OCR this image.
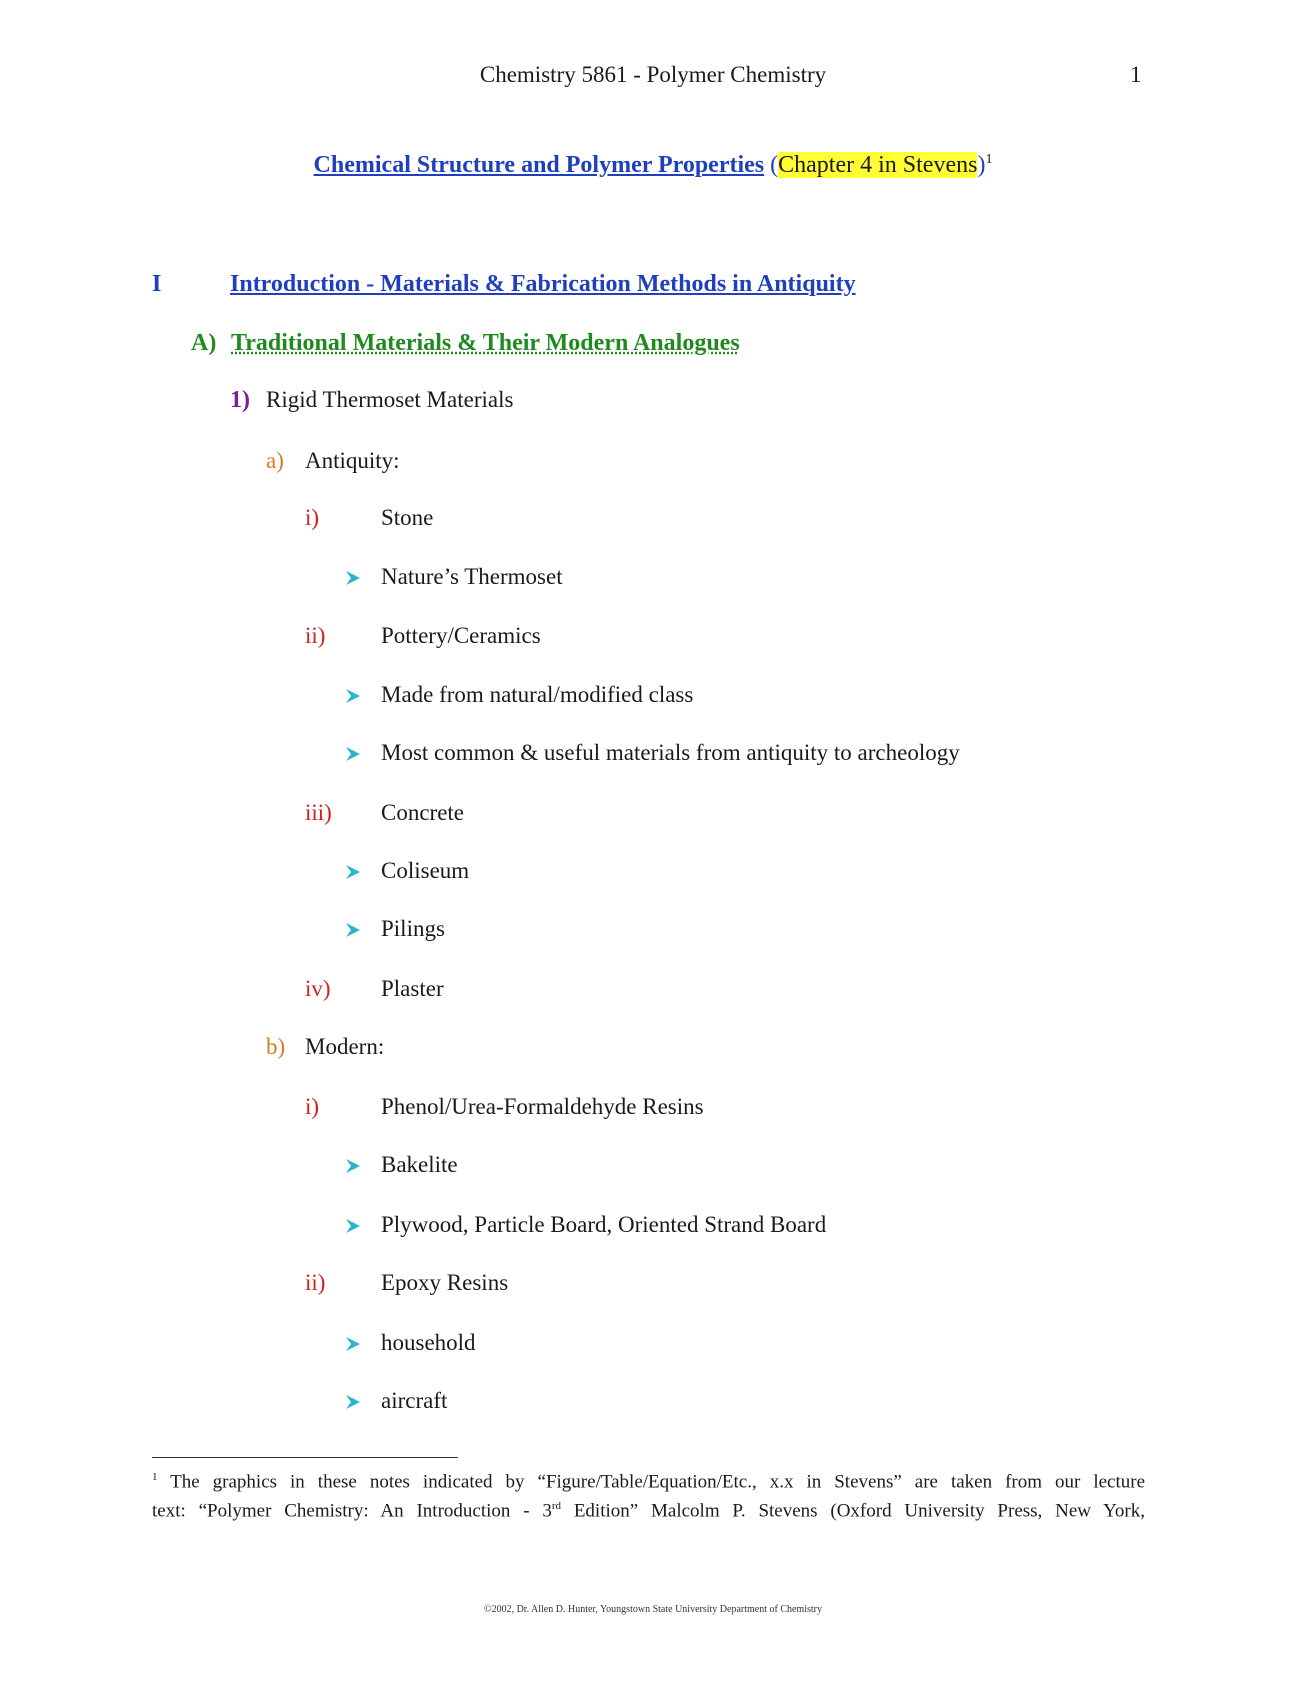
Chemistry 5861 - Polymer Chemistry	1
Chemical Structure and Polymer Properties (Chapter 4 in Stevens)$^1$
I	Introduction - Materials & Fabrication Methods in Antiquity
A) Traditional Materials & Their Modern Analogues
1) Rigid Thermoset Materials
a) Antiquity:
i)	Stone
Nature’s Thermoset
ii) Pottery/Ceramics
Made from natural/modified class
Most common & useful materials from antiquity to archeology
iii) Concrete
Coliseum
Pilings
iv) Plaster
b) Modern:
i)	Phenol/Urea-Formaldehyde Resins
Bakelite
Plywood, Particle Board, Oriented Strand Board
ii) Epoxy Resins
household
aircraft
$^1$ The graphics in these notes indicated by “Figure/Table/Equation/Etc., x.x in Stevens” are taken from our lecture
text: “Polymer Chemistry: An Introduction - 3rd Edition” Malcolm P. Stevens (Oxford University Press, New York,
©2002, Dr. Allen D. Hunter, Youngstown State University Department of Chemistry
